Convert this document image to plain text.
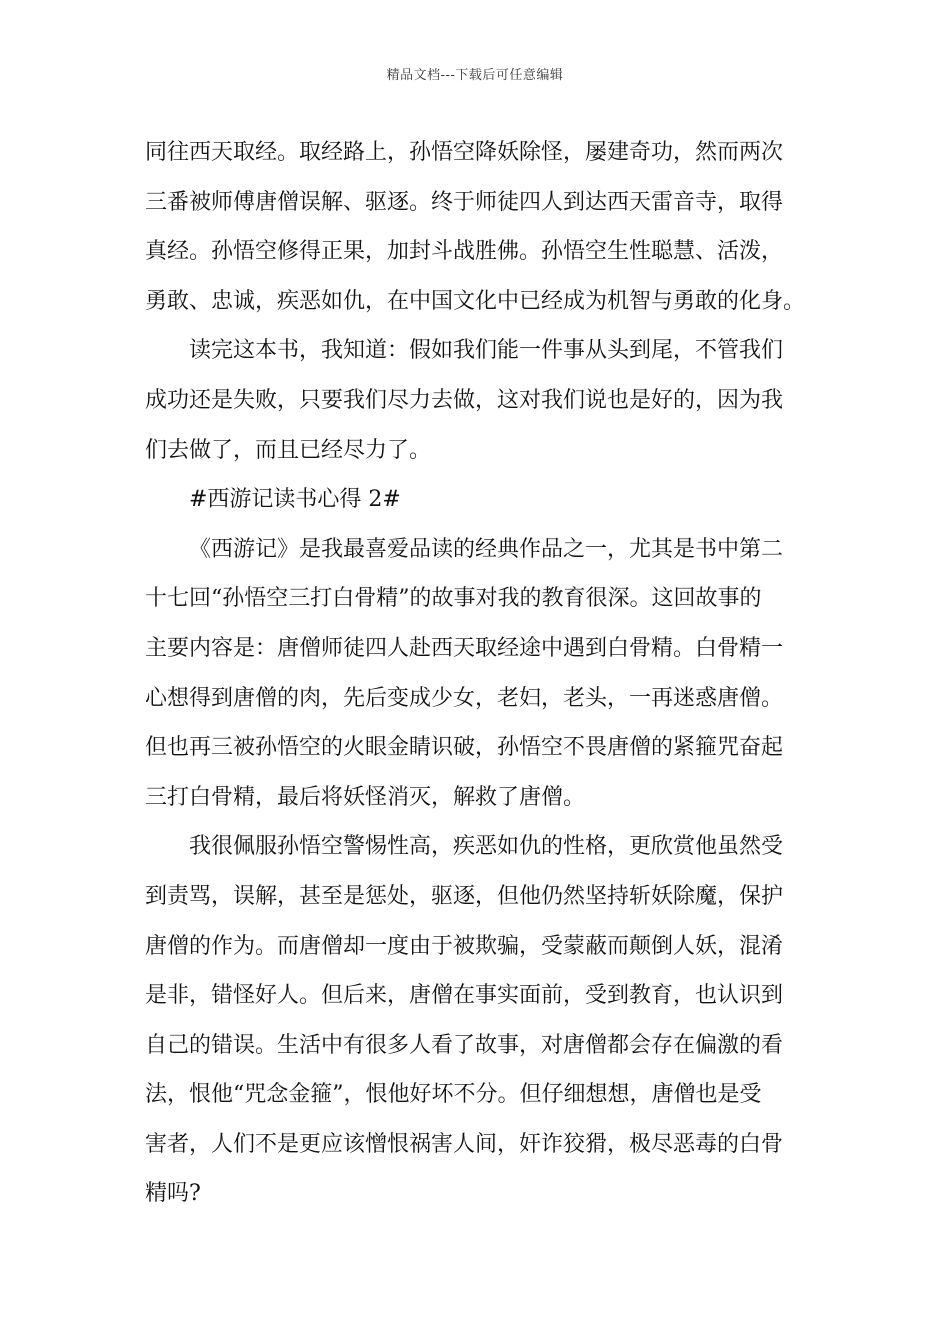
精品文档---下载后可任意编辑
同往西天取经。取经路上，孙悟空降妖除怪，屡建奇功，然而两次
三番被师傅唐僧误解、驱逐。终于师徒四人到达西天雷音寺，取得
真经。孙悟空修得正果，加封斗战胜佛。孙悟空生性聪慧、活泼，
勇敢、忠诚，疾恶如仇，在中国文化中已经成为机智与勇敢的化身。
读完这本书，我知道：假如我们能一件事从头到尾，不管我们
成功还是失败，只要我们尽力去做，这对我们说也是好的，因为我
们去做了，而且已经尽力了。
#西游记读书心得 2#
《西游记》是我最喜爱品读的经典作品之一，尤其是书中第二
十七回“孙悟空三打白骨精”的故事对我的教育很深。这回故事的
主要内容是：唐僧师徒四人赴西天取经途中遇到白骨精。白骨精一
心想得到唐僧的肉，先后变成少女，老妇，老头，一再迷惑唐僧。
但也再三被孙悟空的火眼金睛识破，孙悟空不畏唐僧的紧箍咒奋起
三打白骨精，最后将妖怪消灭，解救了唐僧。
我很佩服孙悟空警惕性高，疾恶如仇的性格，更欣赏他虽然受
到责骂，误解，甚至是惩处，驱逐，但他仍然坚持斩妖除魔，保护
唐僧的作为。而唐僧却一度由于被欺骗，受蒙蔽而颠倒人妖，混淆
是非，错怪好人。但后来，唐僧在事实面前，受到教育，也认识到
自己的错误。生活中有很多人看了故事，对唐僧都会存在偏激的看
法，恨他“咒念金箍”，恨他好坏不分。但仔细想想，唐僧也是受
害者，人们不是更应该憎恨祸害人间，奸诈狡猾，极尽恶毒的白骨
精吗?
